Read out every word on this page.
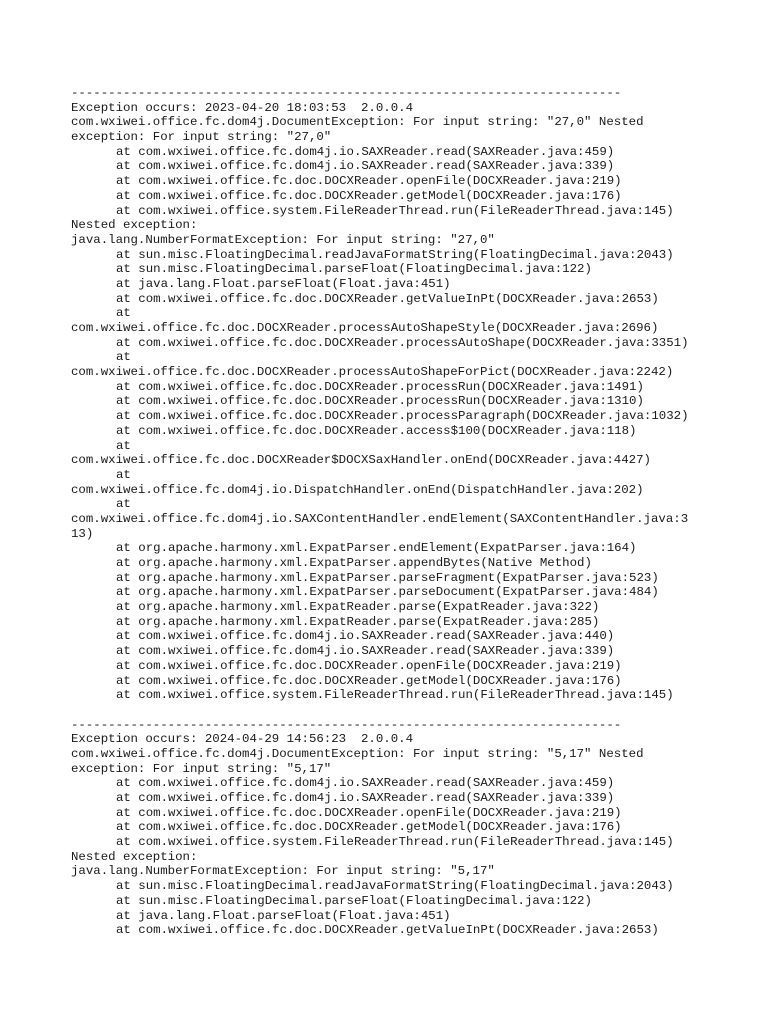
--------------------------------------------------------------------------
Exception occurs: 2023-04-20 18:03:53  2.0.0.4
com.wxiwei.office.fc.dom4j.DocumentException: For input string: "27,0" Nested
exception: For input string: "27,0"
at com.wxiwei.office.fc.dom4j.io.SAXReader.read(SAXReader.java:459)
at com.wxiwei.office.fc.dom4j.io.SAXReader.read(SAXReader.java:339)
at com.wxiwei.office.fc.doc.DOCXReader.openFile(DOCXReader.java:219)
at com.wxiwei.office.fc.doc.DOCXReader.getModel(DOCXReader.java:176)
at com.wxiwei.office.system.FileReaderThread.run(FileReaderThread.java:145)
Nested exception:
java.lang.NumberFormatException: For input string: "27,0"
at sun.misc.FloatingDecimal.readJavaFormatString(FloatingDecimal.java:2043)
at sun.misc.FloatingDecimal.parseFloat(FloatingDecimal.java:122)
at java.lang.Float.parseFloat(Float.java:451)
at com.wxiwei.office.fc.doc.DOCXReader.getValueInPt(DOCXReader.java:2653)
at
com.wxiwei.office.fc.doc.DOCXReader.processAutoShapeStyle(DOCXReader.java:2696)
at com.wxiwei.office.fc.doc.DOCXReader.processAutoShape(DOCXReader.java:3351)
at
com.wxiwei.office.fc.doc.DOCXReader.processAutoShapeForPict(DOCXReader.java:2242)
at com.wxiwei.office.fc.doc.DOCXReader.processRun(DOCXReader.java:1491)
at com.wxiwei.office.fc.doc.DOCXReader.processRun(DOCXReader.java:1310)
at com.wxiwei.office.fc.doc.DOCXReader.processParagraph(DOCXReader.java:1032)
at com.wxiwei.office.fc.doc.DOCXReader.access$100(DOCXReader.java:118)
at
com.wxiwei.office.fc.doc.DOCXReader$DOCXSaxHandler.onEnd(DOCXReader.java:4427)
at
com.wxiwei.office.fc.dom4j.io.DispatchHandler.onEnd(DispatchHandler.java:202)
at
com.wxiwei.office.fc.dom4j.io.SAXContentHandler.endElement(SAXContentHandler.java:3
13)
at org.apache.harmony.xml.ExpatParser.endElement(ExpatParser.java:164)
at org.apache.harmony.xml.ExpatParser.appendBytes(Native Method)
at org.apache.harmony.xml.ExpatParser.parseFragment(ExpatParser.java:523)
at org.apache.harmony.xml.ExpatParser.parseDocument(ExpatParser.java:484)
at org.apache.harmony.xml.ExpatReader.parse(ExpatReader.java:322)
at org.apache.harmony.xml.ExpatReader.parse(ExpatReader.java:285)
at com.wxiwei.office.fc.dom4j.io.SAXReader.read(SAXReader.java:440)
at com.wxiwei.office.fc.dom4j.io.SAXReader.read(SAXReader.java:339)
at com.wxiwei.office.fc.doc.DOCXReader.openFile(DOCXReader.java:219)
at com.wxiwei.office.fc.doc.DOCXReader.getModel(DOCXReader.java:176)
at com.wxiwei.office.system.FileReaderThread.run(FileReaderThread.java:145)
--------------------------------------------------------------------------
Exception occurs: 2024-04-29 14:56:23  2.0.0.4
com.wxiwei.office.fc.dom4j.DocumentException: For input string: "5,17" Nested
exception: For input string: "5,17"
at com.wxiwei.office.fc.dom4j.io.SAXReader.read(SAXReader.java:459)
at com.wxiwei.office.fc.dom4j.io.SAXReader.read(SAXReader.java:339)
at com.wxiwei.office.fc.doc.DOCXReader.openFile(DOCXReader.java:219)
at com.wxiwei.office.fc.doc.DOCXReader.getModel(DOCXReader.java:176)
at com.wxiwei.office.system.FileReaderThread.run(FileReaderThread.java:145)
Nested exception:
java.lang.NumberFormatException: For input string: "5,17"
at sun.misc.FloatingDecimal.readJavaFormatString(FloatingDecimal.java:2043)
at sun.misc.FloatingDecimal.parseFloat(FloatingDecimal.java:122)
at java.lang.Float.parseFloat(Float.java:451)
at com.wxiwei.office.fc.doc.DOCXReader.getValueInPt(DOCXReader.java:2653)
